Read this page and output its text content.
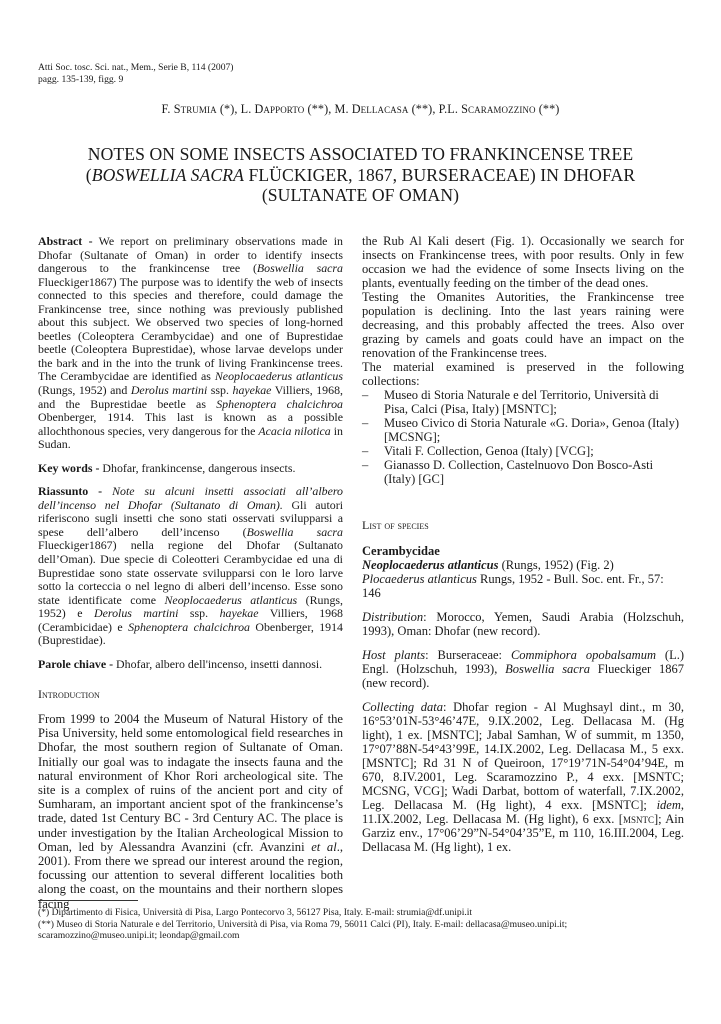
Atti Soc. tosc. Sci. nat., Mem., Serie B, 114 (2007)
pagg. 135-139, figg. 9
F. Strumia (*), L. Dapporto (**), M. Dellacasa (**), P.L. Scaramozzino (**)
NOTES ON SOME INSECTS ASSOCIATED TO FRANKINCENSE TREE
(BOSWELLIA SACRA FLÜCKIGER, 1867, BURSERACEAE) IN DHOFAR
(SULTANATE OF OMAN)

Abstract - We report on preliminary observations made in Dhofar (Sultanate of Oman) in order to identify insects dangerous to the frankincense tree (Boswellia sacra Flueckiger1867) The purpose was to identify the web of insects connected to this species and therefore, could damage the Frankincense tree, since nothing was previously published about this subject. We observed two species of long-horned beetles (Coleoptera Cerambycidae) and one of Buprestidae beetle (Coleoptera Buprestidae), whose larvae develops under the bark and in the into the trunk of living Frankincense trees. The Cerambycidae are identified as Neoplocaederus atlanticus (Rungs, 1952) and Derolus martini ssp. hayekae Villiers, 1968, and the Buprestidae beetle as Sphenoptera chalcichroa Obenberger, 1914. This last is known as a possible allochthonous species, very dangerous for the Acacia nilotica in Sudan.

Key words - Dhofar, frankincense, dangerous insects.

Riassunto - Note su alcuni insetti associati all’albero dell’incenso nel Dhofar (Sultanato di Oman). Gli autori riferiscono sugli insetti che sono stati osservati svilupparsi a spese dell’albero dell’incenso (Boswellia sacra Flueckiger1867) nella regione del Dhofar (Sultanato dell’Oman). Due specie di Coleotteri Cerambycidae ed una di Buprestidae sono state osservate svilupparsi con le loro larve sotto la corteccia o nel legno di alberi dell’incenso. Esse sono state identificate come Neoplocaederus atlanticus (Rungs, 1952) e Derolus martini ssp. hayekae Villiers, 1968 (Cerambicidae) e Sphenoptera chalcichroa Obenberger, 1914 (Buprestidae).

Parole chiave - Dhofar, albero dell'incenso, insetti dannosi.

Introduction

From 1999 to 2004 the Museum of Natural History of the Pisa University, held some entomological field researches in Dhofar, the most southern region of Sultanate of Oman. Initially our goal was to indagate the insects fauna and the natural environment of Khor Rori archeological site. The site is a complex of ruins of the ancient port and city of Sumharam, an important ancient spot of the frankincense’s trade, dated 1st Century BC - 3rd Century AC. The place is under investigation by the Italian Archeological Mission to Oman, led by Alessandra Avanzini (cfr. Avanzini et al., 2001). From there we spread our interest around the region, focussing our attention to several different localities both along the coast, on the mountains and their northern slopes facing

the Rub Al Kali desert (Fig. 1). Occasionally we search for insects on Frankincense trees, with poor results. Only in few occasion we had the evidence of some Insects living on the plants, eventually feeding on the timber of the dead ones.

Testing the Omanites Autorities, the Frankincense tree population is declining. Into the last years raining were decreasing, and this probably affected the trees. Also over grazing by camels and goats could have an impact on the renovation of the Frankincense trees.

The material examined is preserved in the following collections:

– Museo di Storia Naturale e del Territorio, Università di Pisa, Calci (Pisa, Italy) [MSNTC];
– Museo Civico di Storia Naturale «G. Doria», Genoa (Italy) [MCSNG];
– Vitali F. Collection, Genoa (Italy) [VCG];
– Gianasso D. Collection, Castelnuovo Don Bosco-Asti (Italy) [GC]

List of species

Cerambycidae

Neoplocaederus atlanticus (Rungs, 1952) (Fig. 2)

Plocaederus atlanticus Rungs, 1952 - Bull. Soc. ent. Fr., 57: 146

Distribution: Morocco, Yemen, Saudi Arabia (Holzschuh, 1993), Oman: Dhofar (new record).

Host plants: Burseraceae: Commiphora opobalsamum (L.) Engl. (Holzschuh, 1993), Boswellia sacra Flueckiger 1867 (new record).

Collecting data: Dhofar region - Al Mughsayl dint., m 30, 16°53’01N-53°46’47E, 9.IX.2002, Leg. Dellacasa M. (Hg light), 1 ex. [MSNTC]; Jabal Samhan, W of summit, m 1350, 17°07’88N-54°43’99E, 14.IX.2002, Leg. Dellacasa M., 5 exx. [MSNTC]; Rd 31 N of Queiroon, 17°19’71N-54°04’94E, m 670, 8.IV.2001, Leg. Scaramozzino P., 4 exx. [MSNTC; MCSNG, VCG]; Wadi Darbat, bottom of waterfall, 7.IX.2002, Leg. Dellacasa M. (Hg light), 4 exx. [MSNTC]; idem, 11.IX.2002, Leg. Dellacasa M. (Hg light), 6 exx. [msntc]; Ain Garziz env., 17°06’29”N-54°04’35”E, m 110, 16.III.2004, Leg. Dellacasa M. (Hg light), 1 ex.

(*) Dipartimento di Fisica, Università di Pisa, Largo Pontecorvo 3, 56127 Pisa, Italy. E-mail: strumia@df.unipi.it
(**) Museo di Storia Naturale e del Territorio, Università di Pisa, via Roma 79, 56011 Calci (PI), Italy. E-mail: dellacasa@museo.unipi.it; scaramozzino@museo.unipi.it; leondap@gmail.com
